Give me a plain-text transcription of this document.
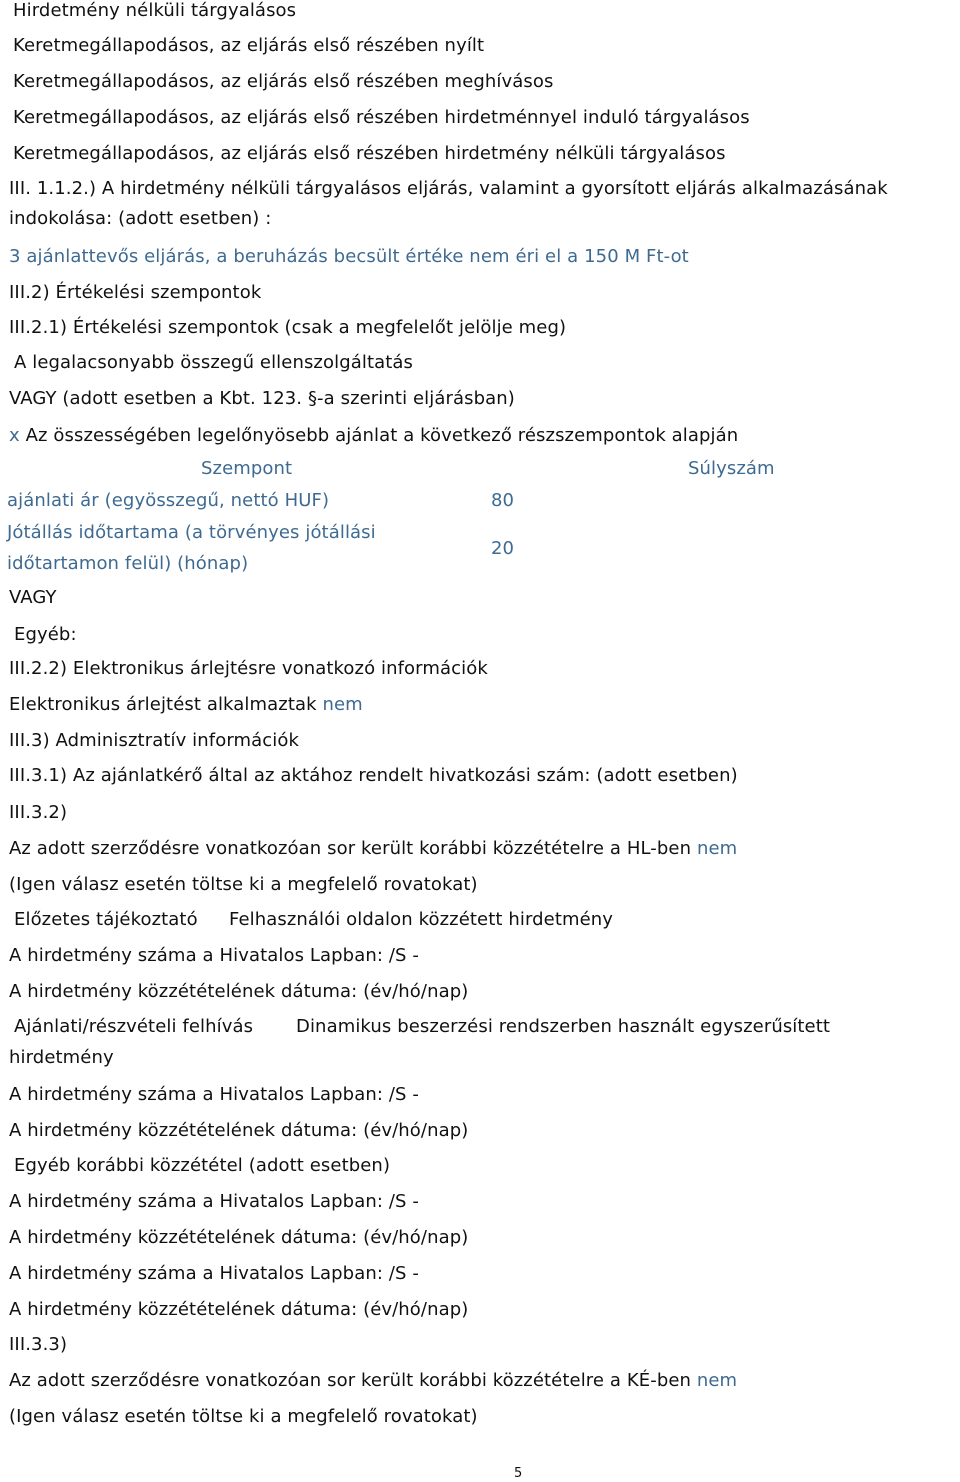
Hirdetmény nélküli tárgyalásos
Keretmegállapodásos, az eljárás első részében nyílt
Keretmegállapodásos, az eljárás első részében meghívásos
Keretmegállapodásos, az eljárás első részében hirdetménnyel induló tárgyalásos
Keretmegállapodásos, az eljárás első részében hirdetmény nélküli tárgyalásos
III. 1.1.2.) A hirdetmény nélküli tárgyalásos eljárás, valamint a gyorsított eljárás alkalmazásának
indokolása: (adott esetben) :
3 ajánlattevős eljárás, a beruházás becsült értéke nem éri el a 150 M Ft-ot
III.2) Értékelési szempontok
III.2.1) Értékelési szempontok (csak a megfelelőt jelölje meg)
A legalacsonyabb összegű ellenszolgáltatás
VAGY (adott esetben a Kbt. 123. §-a szerinti eljárásban)
x Az összességében legelőnyösebb ajánlat a következő részszempontok alapján
Szempont	Súlyszám
ajánlati ár (egyösszegű, nettó HUF)	80
Jótállás időtartama (a törvényes jótállási
időtartamon felül) (hónap)
20
VAGY
Egyéb:
III.2.2) Elektronikus árlejtésre vonatkozó információk
Elektronikus árlejtést alkalmaztak nem
III.3) Adminisztratív információk
III.3.1) Az ajánlatkérő által az aktához rendelt hivatkozási szám: (adott esetben)
III.3.2)
Az adott szerződésre vonatkozóan sor került korábbi közzétételre a HL-ben nem
(Igen válasz esetén töltse ki a megfelelő rovatokat)
Előzetes tájékoztató Felhasználói oldalon közzétett hirdetmény
A hirdetmény száma a Hivatalos Lapban: /S -
A hirdetmény közzétételének dátuma: (év/hó/nap)
Ajánlati/részvételi felhívás Dinamikus beszerzési rendszerben használt egyszerűsített
hirdetmény
A hirdetmény száma a Hivatalos Lapban: /S -
A hirdetmény közzétételének dátuma: (év/hó/nap)
Egyéb korábbi közzététel (adott esetben)
A hirdetmény száma a Hivatalos Lapban: /S -
A hirdetmény közzétételének dátuma: (év/hó/nap)
A hirdetmény száma a Hivatalos Lapban: /S -
A hirdetmény közzétételének dátuma: (év/hó/nap)
III.3.3)
Az adott szerződésre vonatkozóan sor került korábbi közzétételre a KÉ-ben nem
(Igen válasz esetén töltse ki a megfelelő rovatokat)
5
